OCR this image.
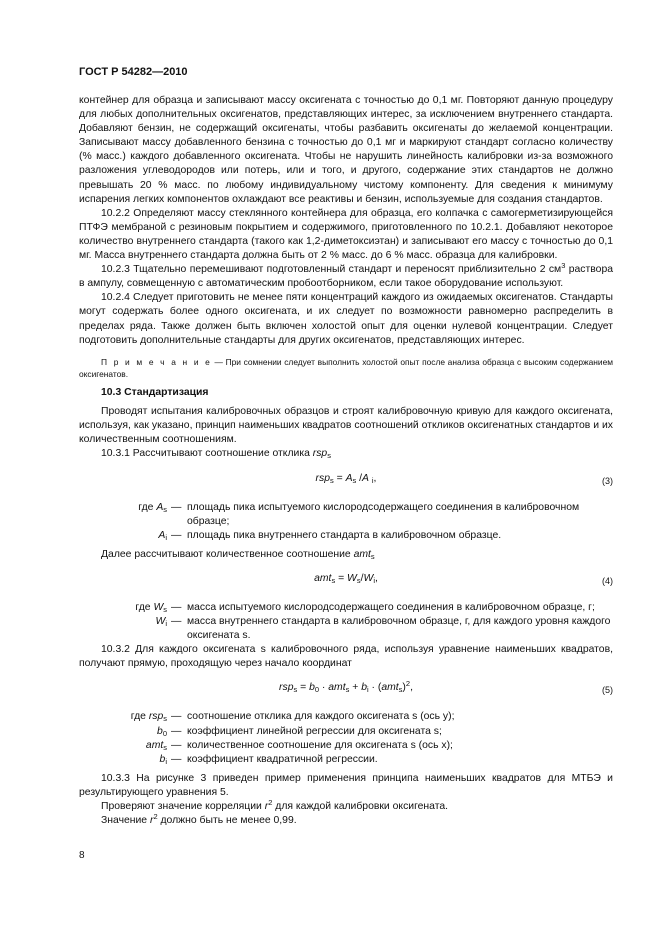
ГОСТ Р 54282—2010

контейнер для образца и записывают массу оксигената с точностью до 0,1 мг. Повторяют данную процедуру для любых дополнительных оксигенатов, представляющих интерес, за исключением внутреннего стандарта. Добавляют бензин, не содержащий оксигенаты, чтобы разбавить оксигенаты до желаемой концентрации. Записывают массу добавленного бензина с точностью до 0,1 мг и маркируют стандарт согласно количеству (% масс.) каждого добавленного оксигената. Чтобы не нарушить линейность калибровки из-за возможного разложения углеводородов или потерь, или и того, и другого, содержание этих стандартов не должно превышать 20 % масс. по любому индивидуальному чистому компоненту. Для сведения к минимуму испарения легких компонентов охлаждают все реактивы и бензин, используемые для создания стандартов.

10.2.2 Определяют массу стеклянного контейнера для образца, его колпачка с самогерметизирующейся ПТФЭ мембраной с резиновым покрытием и содержимого, приготовленного по 10.2.1. Добавляют некоторое количество внутреннего стандарта (такого как 1,2-диметоксиэтан) и записывают его массу с точностью до 0,1 мг. Масса внутреннего стандарта должна быть от 2 % масс. до 6 % масс. образца для калибровки.

10.2.3 Тщательно перемешивают подготовленный стандарт и переносят приблизительно 2 $см^3$ раствора в ампулу, совмещенную с автоматическим пробоотборником, если такое оборудование используют.

10.2.4 Следует приготовить не менее пяти концентраций каждого из ожидаемых оксигенатов. Стандарты могут содержать более одного оксигената, и их следует по возможности равномерно распределить в пределах ряда. Также должен быть включен холостой опыт для оценки нулевой концентрации. Следует подготовить дополнительные стандарты для других оксигенатов, представляющих интерес.

П р и м е ч а н и е — При сомнении следует выполнить холостой опыт после анализа образца с высоким содержанием оксигенатов.

10.3 Стандартизация

Проводят испытания калибровочных образцов и строят калибровочную кривую для каждого оксигената, используя, как указано, принцип наименьших квадратов соотношений откликов оксигенатных стандартов и их количественным соотношениям.

10.3.1 Рассчитывают соотношение отклика rsp$_s$

$rsp_s = A_s$ /A $_i$,	(3)
где $A_s$ — площадь пика испытуемого кислородсодержащего соединения в калибровочном образце;
$A_i$ — площадь пика внутреннего стандарта в калибровочном образце.

Далее рассчитывают количественное соотношение amt$_s$

$amt_s = W_s/W_i$,	(4)
где $W_s$ — масса испытуемого кислородсодержащего соединения в калибровочном образце, г;
$W_i$ — масса внутреннего стандарта в калибровочном образце, г, для каждого уровня каждого оксигената s.

10.3.2 Для каждого оксигената s калибровочного ряда, используя уравнение наименьших квадратов, получают прямую, проходящую через начало координат

$rsp_s = b_0 \cdot amt_s + b_i \cdot (amt_s)^2$,	(5)
где rsp$_s$ — соотношение отклика для каждого оксигената s (ось y);
$b_0$ — коэффициент линейной регрессии для оксигената s;
amt$_s$ — количественное соотношение для оксигената s (ось x);
$b_i$ — коэффициент квадратичной регрессии.

10.3.3 На рисунке 3 приведен пример применения принципа наименьших квадратов для МТБЭ и результирующего уравнения 5.

Проверяют значение корреляции $r^2$ для каждой калибровки оксигената.

Значение $r^2$ должно быть не менее 0,99.

8
